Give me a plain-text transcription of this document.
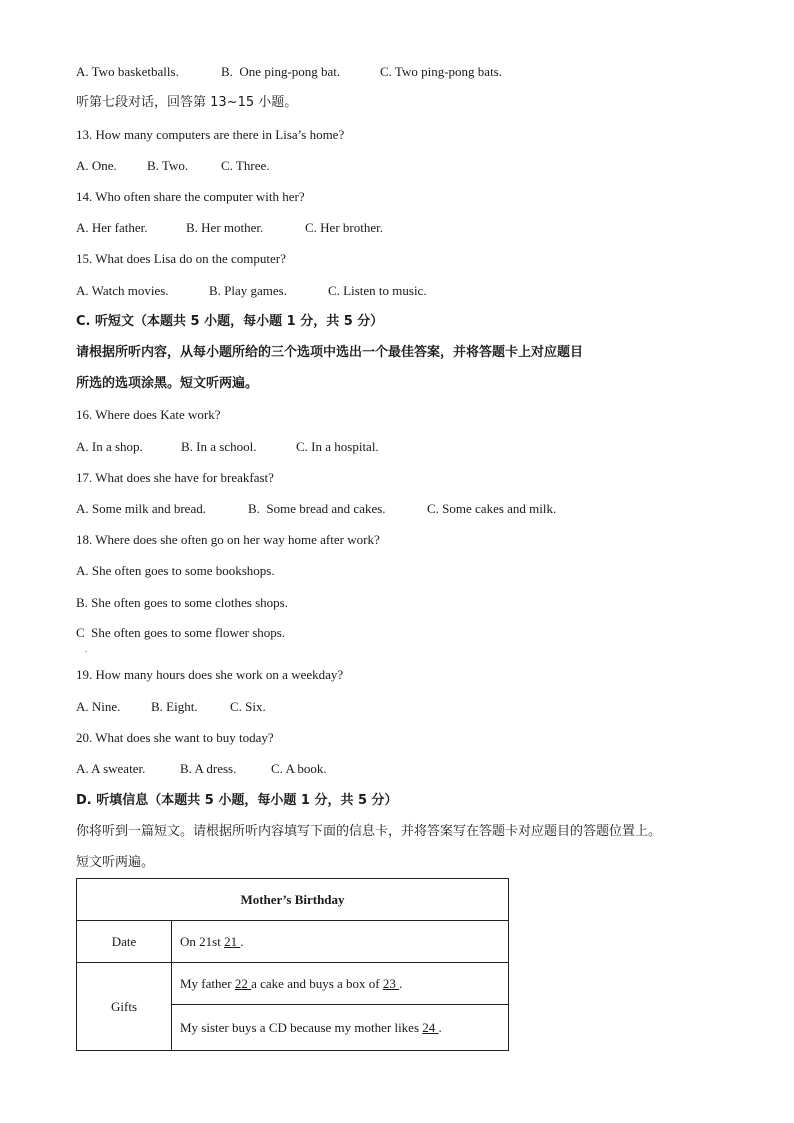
A. Two basketballs.	B.  One ping-pong bat.	C. Two ping-pong bats.
听第七段对话，回答第 13~15 小题。
13. How many computers are there in Lisa’s home?
A. One. B. Two.	C. Three.
14. Who often share the computer with her?
A. Her father.	B. Her mother.	C. Her brother.
15. What does Lisa do on the computer?
A. Watch movies.	B. Play games.	C. Listen to music.
C. 听短文（本题共 5 小题，每小题 1 分，共 5 分）
请根据所听内容，从每小题所给的三个选项中选出一个最佳答案，并将答题卡上对应题目
所选的选项涂黑。短文听两遍。
16. Where does Kate work?
A. In a shop.	B. In a school.	C. In a hospital.
17. What does she have for breakfast?
A. Some milk and bread.	B.  Some bread and cakes.	C. Some cakes and milk.
18. Where does she often go on her way home after work?
A. She often goes to some bookshops.
B. She often goes to some clothes shops.
C  She often goes to some flower shops.
.
19. How many hours does she work on a weekday?
A. Nine. B. Eight. C. Six.
20. What does she want to buy today?
A. A sweater.	B. A dress.	C. A book.
D. 听填信息（本题共 5 小题，每小题 1 分，共 5 分）
你将听到一篇短文。请根据所听内容填写下面的信息卡，并将答案写在答题卡对应题目的答题位置上。
短文听两遍。
Mother’s Birthday	
Date	On 21st 21 .
Gifts	My father 22 a cake and buys a box of 23 .
	My sister buys a CD because my mother likes 24 .
